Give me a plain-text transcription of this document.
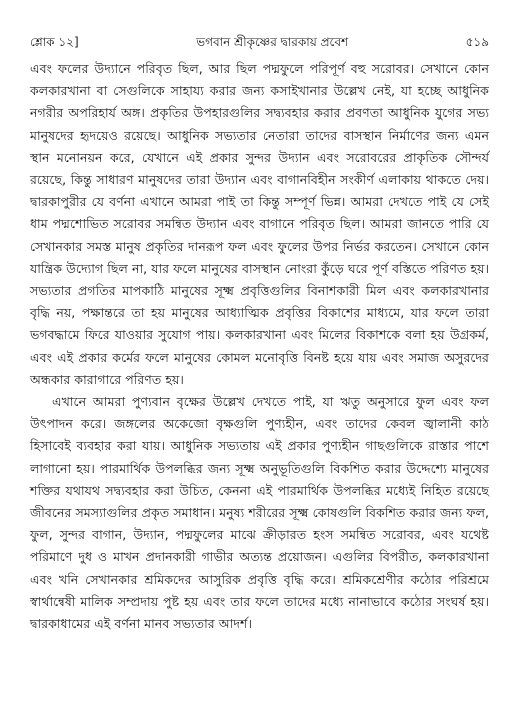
শ্লোক ১২]	ভগবান শ্রীকৃষ্ণের দ্বারকায় প্রবেশ	৫১৯

এবং ফলের উদ্যানে পরিবৃত ছিল, আর ছিল পদ্মফুলে পরিপূর্ণ বহু সরোবর। সেখানে কোন কলকারখানা বা সেগুলিকে সাহায্য করার জন্য কসাইখানার উল্লেখ নেই, যা হচ্ছে আধুনিক নগরীর অপরিহার্য অঙ্গ। প্রকৃতির উপহারগুলির সদ্ব্যবহার করার প্রবণতা আধুনিক যুগের সভ্য মানুষদের হৃদয়েও রয়েছে। আধুনিক সভ্যতার নেতারা তাদের বাসস্থান নির্মাণের জন্য এমন স্থান মনোনয়ন করে, যেখানে এই প্রকার সুন্দর উদ্যান এবং সরোবরের প্রাকৃতিক সৌন্দর্য রয়েছে, কিন্তু সাধারণ মানুষদের তারা উদ্যান এবং বাগানবিহীন সংকীর্ণ এলাকায় থাকতে দেয়। দ্বারকাপুরীর যে বর্ণনা এখানে আমরা পাই তা কিন্তু সম্পূর্ণ ভিন্ন। আমরা দেখতে পাই যে সেই ধাম পদ্মশোভিত সরোবর সমন্বিত উদ্যান এবং বাগানে পরিবৃত ছিল। আমরা জানতে পারি যে সেখানকার সমস্ত মানুষ প্রকৃতির দানরূপ ফল এবং ফুলের উপর নির্ভর করতেন। সেখানে কোন যান্ত্রিক উদ্যোগ ছিল না, যার ফলে মানুষের বাসস্থান নোংরা কুঁড়ে ঘরে পূর্ণ বস্তিতে পরিণত হয়। সভ্যতার প্রগতির মাপকাঠি মানুষের সূক্ষ্ম প্রবৃত্তিগুলির বিনাশকারী মিল এবং কলকারখানার বৃদ্ধি নয়, পক্ষান্তরে তা হয় মানুষের আধ্যাত্মিক প্রবৃত্তির বিকাশের মাধ্যমে, যার ফলে তারা ভগবদ্ধামে ফিরে যাওয়ার সুযোগ পায়। কলকারখানা এবং মিলের বিকাশকে বলা হয় উগ্রকর্ম, এবং এই প্রকার কর্মের ফলে মানুষের কোমল মনোবৃত্তি বিনষ্ট হয়ে যায় এবং সমাজ অসুরদের অন্ধকার কারাগারে পরিণত হয়।

এখানে আমরা পুণ্যবান বৃক্ষের উল্লেখ দেখতে পাই, যা ঋতু অনুসারে ফুল এবং ফল উৎপাদন করে। জঙ্গলের অকেজো বৃক্ষগুলি পুণ্যহীন, এবং তাদের কেবল জ্বালানী কাঠ হিসাবেই ব্যবহার করা যায়। আধুনিক সভ্যতায় এই প্রকার পুণ্যহীন গাছগুলিকে রাস্তার পাশে লাগানো হয়। পারমার্থিক উপলব্ধির জন্য সূক্ষ্ম অনুভূতিগুলি বিকশিত করার উদ্দেশ্যে মানুষের শক্তির যথাযথ সদ্ব্যবহার করা উচিত, কেননা এই পারমার্থিক উপলব্ধির মধ্যেই নিহিত রয়েছে জীবনের সমস্যাগুলির প্রকৃত সমাধান। মনুষ্য শরীরের সূক্ষ্ম কোষগুলি বিকশিত করার জন্য ফল, ফুল, সুন্দর বাগান, উদ্যান, পদ্মফুলের মাঝে ক্রীড়ারত হংস সমন্বিত সরোবর, এবং যথেষ্ট পরিমাণে দুধ ও মাখন প্রদানকারী গাভীর অত্যন্ত প্রয়োজন। এগুলির বিপরীত, কলকারখানা এবং খনি সেখানকার শ্রমিকদের আসুরিক প্রবৃত্তি বৃদ্ধি করে। শ্রমিকশ্রেণীর কঠোর পরিশ্রমে স্বার্থান্বেষী মালিক সম্প্রদায় পুষ্ট হয় এবং তার ফলে তাদের মধ্যে নানাভাবে কঠোর সংঘর্ষ হয়। দ্বারকাধামের এই বর্ণনা মানব সভ্যতার আদর্শ।
